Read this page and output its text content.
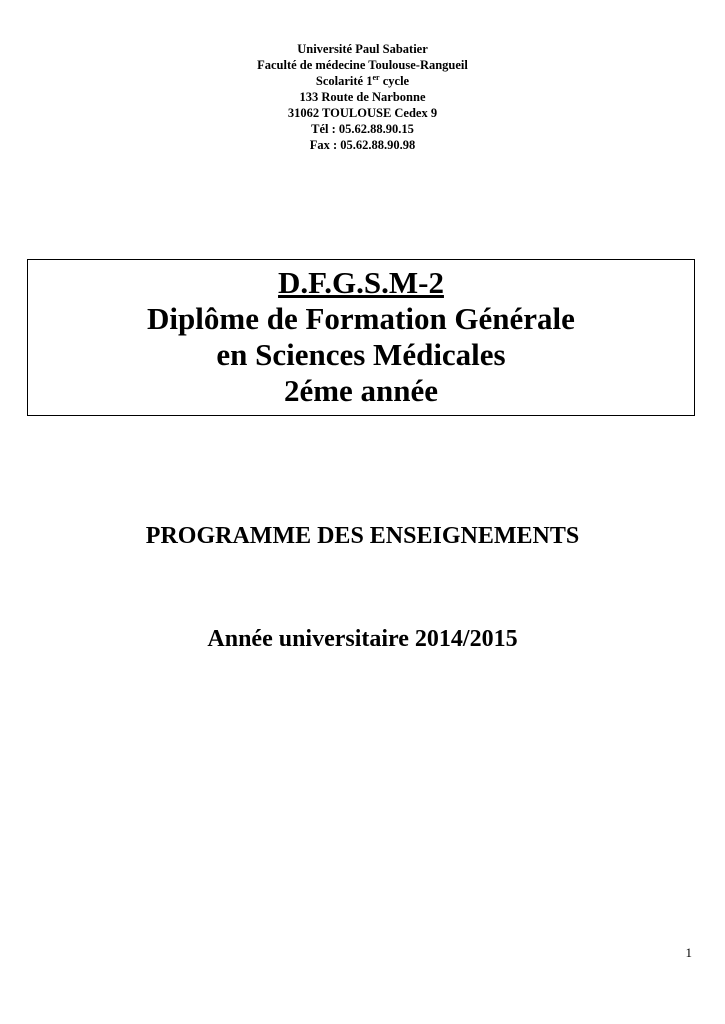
Université Paul Sabatier
Faculté de médecine Toulouse-Rangueil
Scolarité 1er cycle
133 Route de Narbonne
31062 TOULOUSE Cedex 9
Tél : 05.62.88.90.15
Fax : 05.62.88.90.98
D.F.G.S.M-2
Diplôme de Formation Générale
en Sciences Médicales
2éme année
PROGRAMME DES ENSEIGNEMENTS
Année universitaire 2014/2015
1
